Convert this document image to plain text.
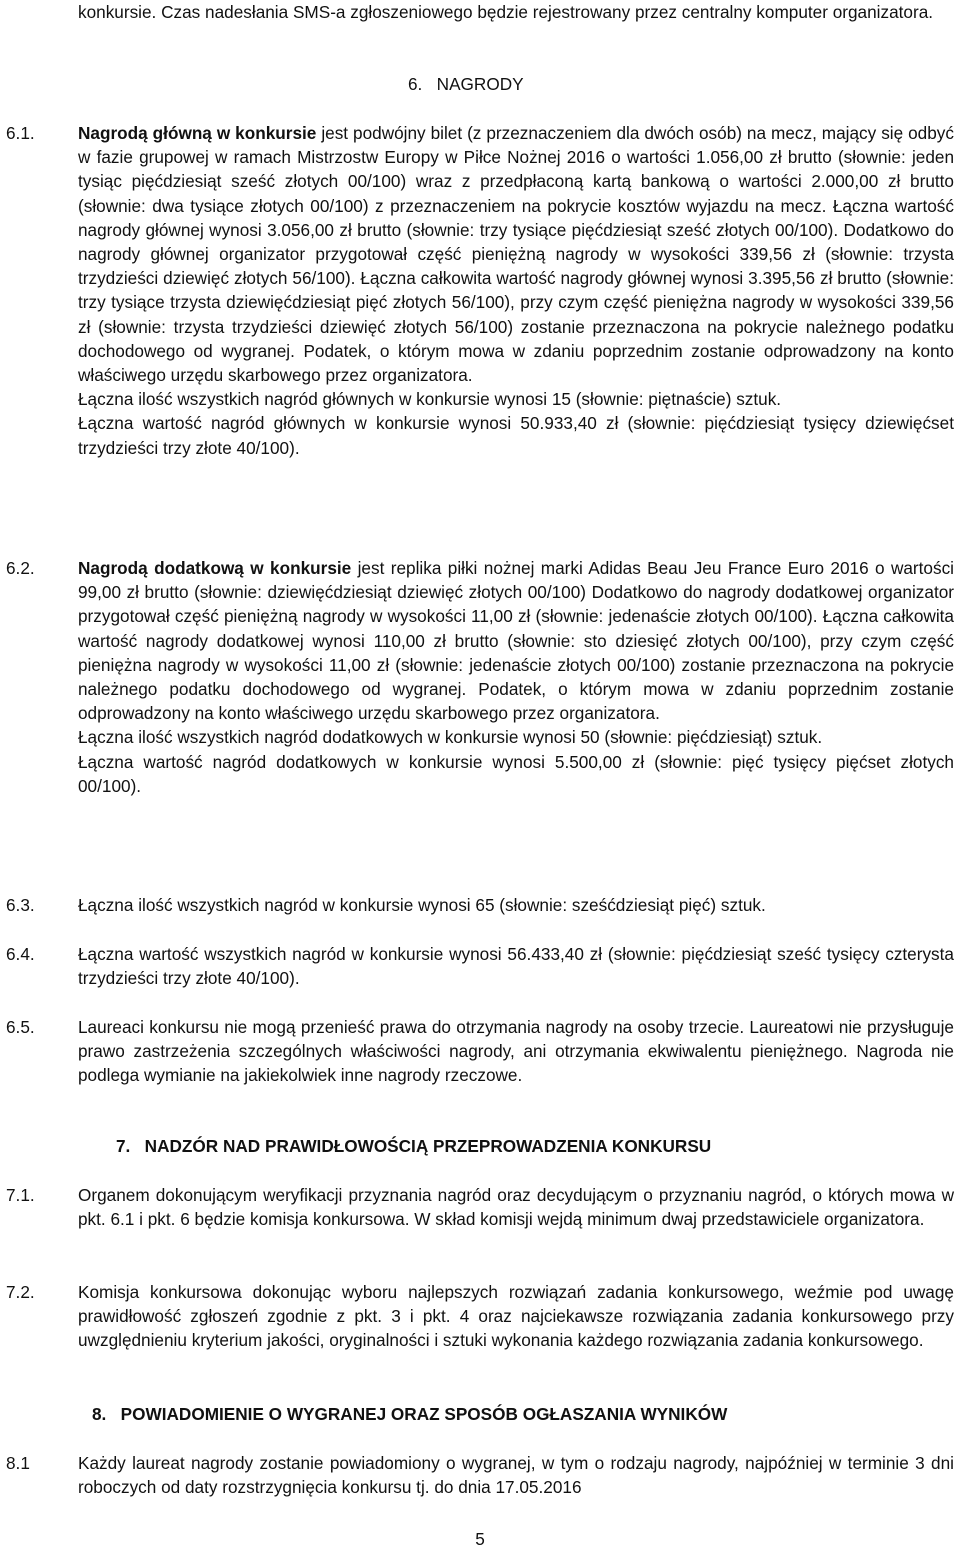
konkursie. Czas nadesłania SMS-a zgłoszeniowego będzie rejestrowany przez centralny komputer organizatora.

6. NAGRODY
6.1.	Nagrodą główną w konkursie jest podwójny bilet (z przeznaczeniem dla dwóch osób) na mecz, mający się odbyć w fazie grupowej w ramach Mistrzostw Europy w Piłce Nożnej 2016 o wartości 1.056,00 zł brutto (słownie: jeden tysiąc pięćdziesiąt sześć złotych 00/100) wraz z przedpłaconą kartą bankową o wartości 2.000,00 zł brutto (słownie: dwa tysiące złotych 00/100) z przeznaczeniem na pokrycie kosztów wyjazdu na mecz. Łączna wartość nagrody głównej wynosi 3.056,00 zł brutto (słownie: trzy tysiące pięćdziesiąt sześć złotych 00/100). Dodatkowo do nagrody głównej organizator przygotował część pieniężną nagrody w wysokości 339,56 zł (słownie: trzysta trzydzieści dziewięć złotych 56/100). Łączna całkowita wartość nagrody głównej wynosi 3.395,56 zł brutto (słownie: trzy tysiące trzysta dziewięćdziesiąt pięć złotych 56/100), przy czym część pieniężna nagrody w wysokości 339,56 zł (słownie: trzysta trzydzieści dziewięć złotych 56/100) zostanie przeznaczona na pokrycie należnego podatku dochodowego od wygranej. Podatek, o którym mowa w zdaniu poprzednim zostanie odprowadzony na konto właściwego urzędu skarbowego przez organizatora.

Łączna ilość wszystkich nagród głównych w konkursie wynosi 15 (słownie: piętnaście) sztuk.

Łączna wartość nagród głównych w konkursie wynosi 50.933,40 zł (słownie: pięćdziesiąt tysięcy dziewięćset trzydzieści trzy złote 40/100).

6.2.	Nagrodą dodatkową w konkursie jest replika piłki nożnej marki Adidas Beau Jeu France Euro 2016 o wartości 99,00 zł brutto (słownie: dziewięćdziesiąt dziewięć złotych 00/100) Dodatkowo do nagrody dodatkowej organizator przygotował część pieniężną nagrody w wysokości 11,00 zł (słownie: jedenaście złotych 00/100). Łączna całkowita wartość nagrody dodatkowej wynosi 110,00 zł brutto (słownie: sto dziesięć złotych 00/100), przy czym część pieniężna nagrody w wysokości 11,00 zł (słownie: jedenaście złotych 00/100) zostanie przeznaczona na pokrycie należnego podatku dochodowego od wygranej. Podatek, o którym mowa w zdaniu poprzednim zostanie odprowadzony na konto właściwego urzędu skarbowego przez organizatora.

Łączna ilość wszystkich nagród dodatkowych w konkursie wynosi 50 (słownie: pięćdziesiąt) sztuk.

Łączna wartość nagród dodatkowych w konkursie wynosi 5.500,00 zł (słownie: pięć tysięcy pięćset złotych 00/100).

6.3.	Łączna ilość wszystkich nagród w konkursie wynosi 65 (słownie: sześćdziesiąt pięć) sztuk.

6.4.	Łączna wartość wszystkich nagród w konkursie wynosi 56.433,40 zł (słownie: pięćdziesiąt sześć tysięcy czterysta trzydzieści trzy złote 40/100).

6.5.	Laureaci konkursu nie mogą przenieść prawa do otrzymania nagrody na osoby trzecie. Laureatowi nie przysługuje prawo zastrzeżenia szczególnych właściwości nagrody, ani otrzymania ekwiwalentu pieniężnego. Nagroda nie podlega wymianie na jakiekolwiek inne nagrody rzeczowe.

7. NADZÓR NAD PRAWIDŁOWOŚCIĄ PRZEPROWADZENIA KONKURSU
7.1.	Organem dokonującym weryfikacji przyznania nagród oraz decydującym o przyznaniu nagród, o których mowa w pkt. 6.1 i pkt. 6 będzie komisja konkursowa. W skład komisji wejdą minimum dwaj przedstawiciele organizatora.

7.2.	Komisja konkursowa dokonując wyboru najlepszych rozwiązań zadania konkursowego, weźmie pod uwagę prawidłowość zgłoszeń zgodnie z pkt. 3 i pkt. 4 oraz najciekawsze rozwiązania zadania konkursowego przy uwzględnieniu kryterium jakości, oryginalności i sztuki wykonania każdego rozwiązania zadania konkursowego.

8. POWIADOMIENIE O WYGRANEJ ORAZ SPOSÓB OGŁASZANIA WYNIKÓW
8.1	Każdy laureat nagrody zostanie powiadomiony o wygranej, w tym o rodzaju nagrody, najpóźniej w terminie 3 dni roboczych od daty rozstrzygnięcia konkursu tj. do dnia 17.05.2016

5
